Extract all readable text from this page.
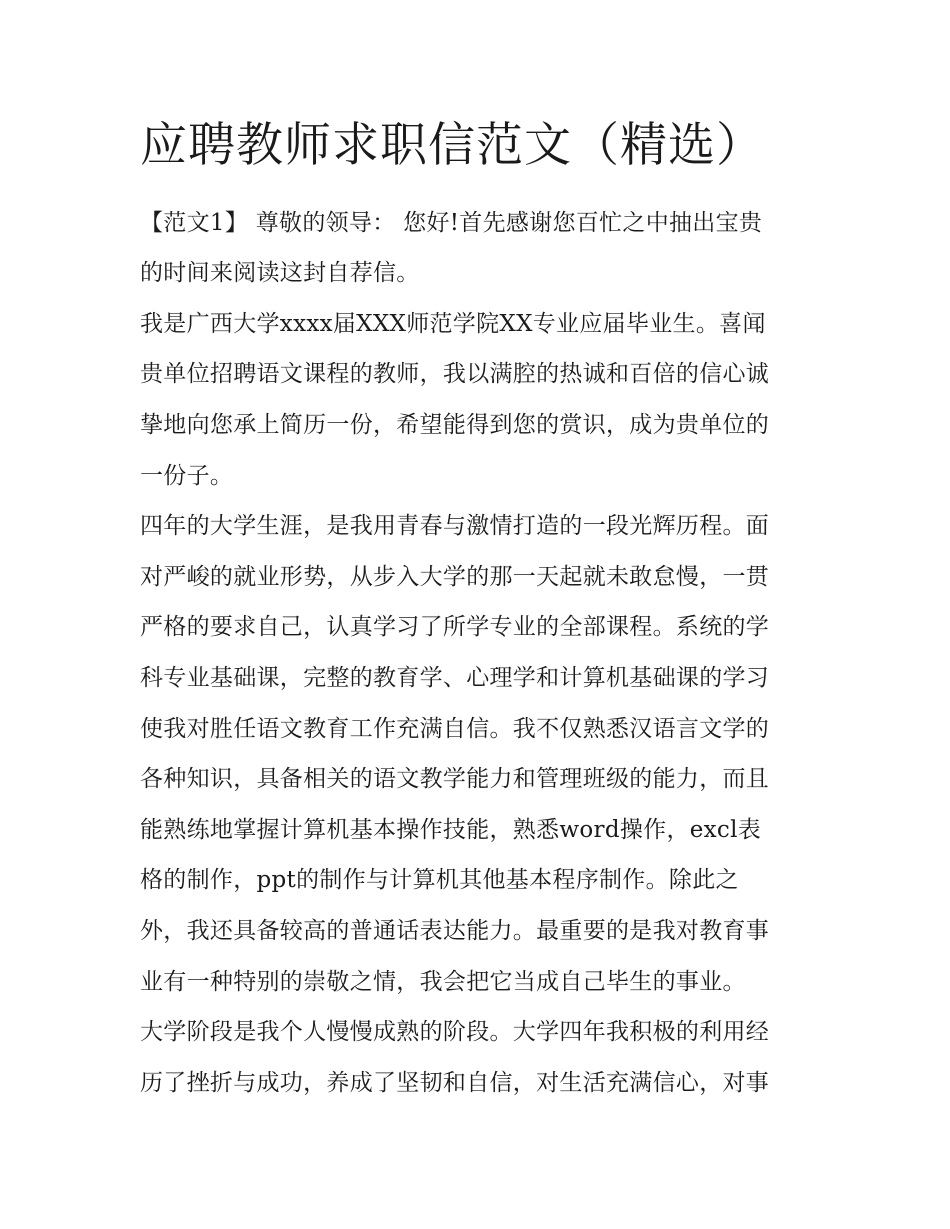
应聘教师求职信范文（精选）
【范文1】 尊敬的领导： 您好!首先感谢您百忙之中抽出宝贵
的时间来阅读这封自荐信。
我是广西大学xxxx届XXX师范学院XX专业应届毕业生。喜闻
贵单位招聘语文课程的教师，我以满腔的热诚和百倍的信心诚
挚地向您承上简历一份，希望能得到您的赏识，成为贵单位的
一份子。
四年的大学生涯，是我用青春与激情打造的一段光辉历程。面
对严峻的就业形势，从步入大学的那一天起就未敢怠慢，一贯
严格的要求自己，认真学习了所学专业的全部课程。系统的学
科专业基础课，完整的教育学、心理学和计算机基础课的学习
使我对胜任语文教育工作充满自信。我不仅熟悉汉语言文学的
各种知识，具备相关的语文教学能力和管理班级的能力，而且
能熟练地掌握计算机基本操作技能，熟悉word操作，excl表
格的制作，ppt的制作与计算机其他基本程序制作。除此之
外，我还具备较高的普通话表达能力。最重要的是我对教育事
业有一种特别的崇敬之情，我会把它当成自己毕生的事业。
大学阶段是我个人慢慢成熟的阶段。大学四年我积极的利用经
历了挫折与成功，养成了坚韧和自信，对生活充满信心，对事
